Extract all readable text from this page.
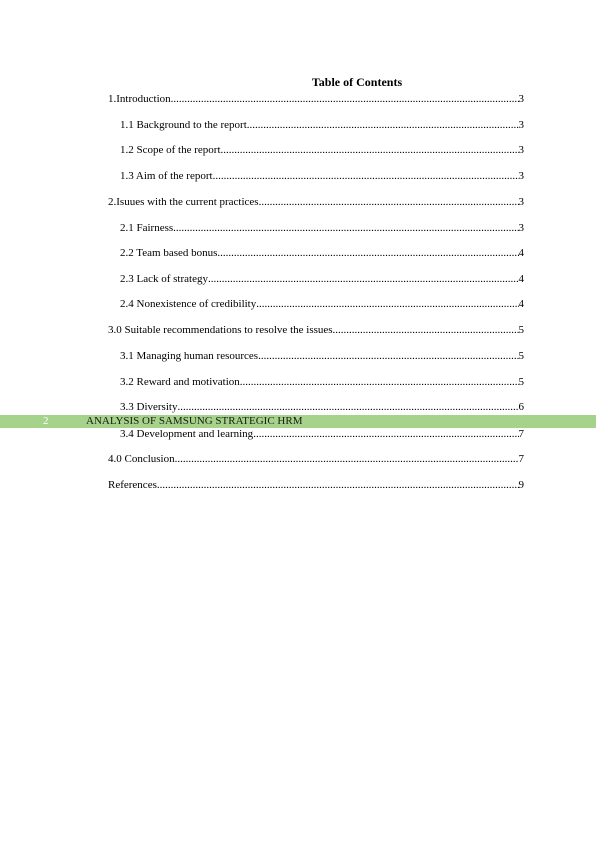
Table of Contents
1.Introduction .....	3
1.1 Background to the report .....	3
1.2 Scope of the report .....	3
1.3 Aim of the report .....	3
2.Isuues with the current practices .....	3
2.1 Fairness .....	3
2.2 Team based bonus .....	4
2.3 Lack of strategy .....	4
2.4 Nonexistence of credibility .....	4
3.0 Suitable recommendations to resolve the issues .....	5
3.1 Managing human resources .....	5
3.2 Reward and motivation .....	5
3.3 Diversity .....	6
3.4 Development and learning .....	7
4.0 Conclusion .....	7
References .....	9
2	ANALYSIS OF SAMSUNG STRATEGIC HRM
